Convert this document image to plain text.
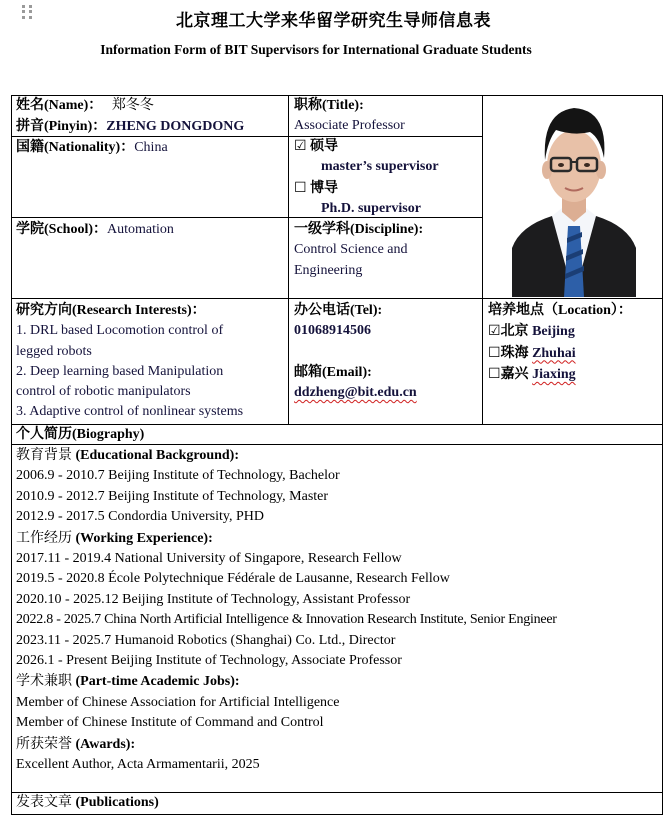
北京理工大学来华留学研究生导师信息表
Information Form of BIT Supervisors for International Graduate Students
姓名(Name)： 郑冬冬
拼音(Pinyin)：ZHENG DONGDONG
职称(Title):
Associate Professor
国籍(Nationality)：China	☑ 硕导
master’s supervisor
☐ 博导
Ph.D. supervisor
学院(School)：Automation	一级学科(Discipline):
Control Science and
Engineering
研究方向(Research Interests)：
1. DRL based Locomotion control of
legged robots
2. Deep learning based Manipulation
control of robotic manipulators
3. Adaptive control of nonlinear systems
办公电话(Tel):
01068914506

邮箱(Email):
ddzheng@bit.edu.cn
培养地点（Location）：
☑北京 Beijing
☐珠海 Zhuhai
☐嘉兴 Jiaxing
个人简历(Biography)
教育背景 (Educational Background):
2006.9 - 2010.7 Beijing Institute of Technology, Bachelor
2010.9 - 2012.7 Beijing Institute of Technology, Master
2012.9 - 2017.5 Condordia University, PHD
工作经历 (Working Experience):
2017.11 - 2019.4 National University of Singapore, Research Fellow
2019.5 - 2020.8 École Polytechnique Fédérale de Lausanne, Research Fellow
2020.10 - 2025.12 Beijing Institute of Technology, Assistant Professor
2022.8 - 2025.7 China North Artificial Intelligence & Innovation Research Institute, Senior Engineer
2023.11 - 2025.7 Humanoid Robotics (Shanghai) Co. Ltd., Director
2026.1 - Present Beijing Institute of Technology, Associate Professor
学术兼职 (Part-time Academic Jobs):
Member of Chinese Association for Artificial Intelligence
Member of Chinese Institute of Command and Control
所获荣誉 (Awards):
Excellent Author, Acta Armamentarii, 2025
发表文章 (Publications)
